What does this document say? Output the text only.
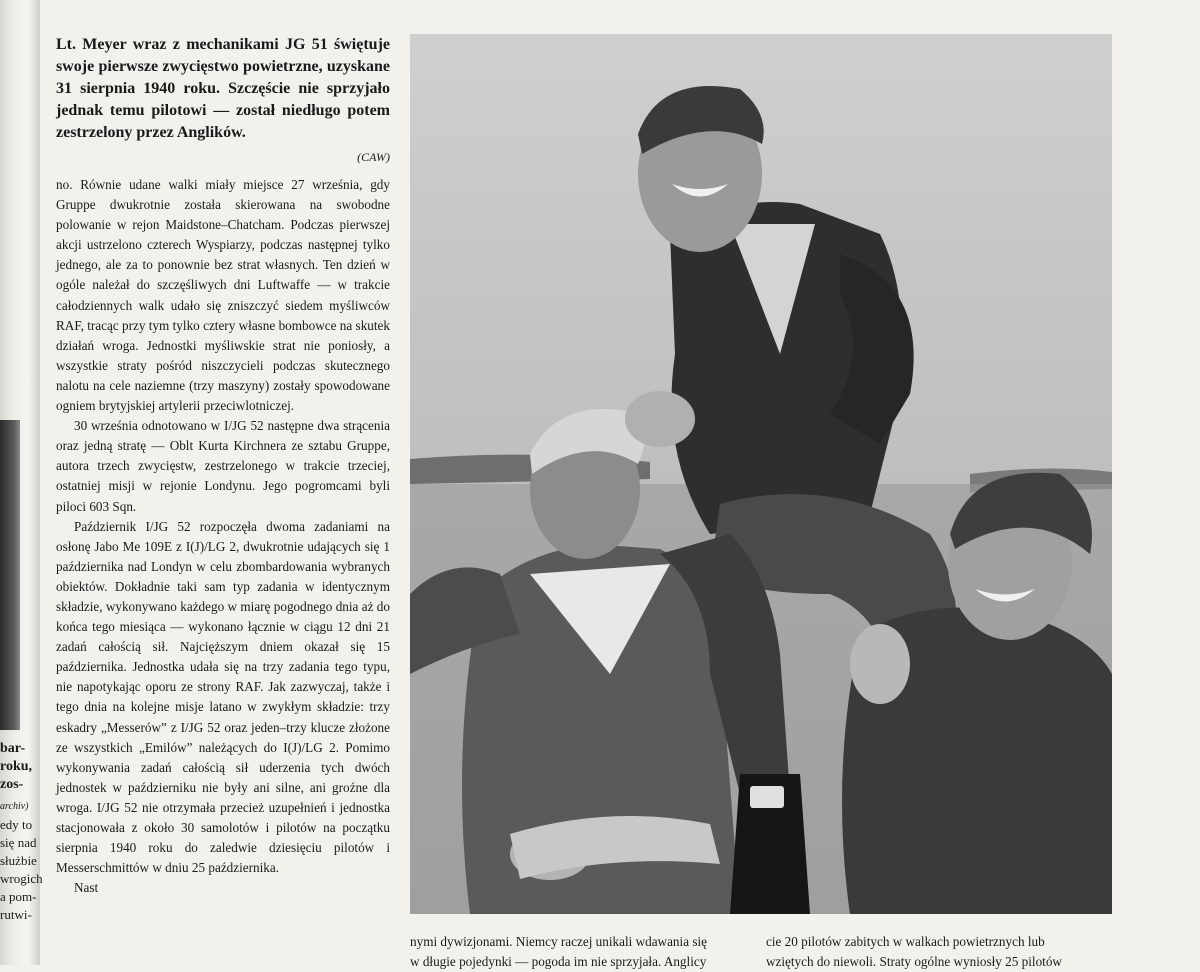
bar-
roku,
zos-
archiv)
edy to
się nad
służbie
wrogich
a pom-
rutwi-

Lt. Meyer wraz z mechanikami JG 51 świętuje swoje pierwsze zwycięstwo powietrzne, uzyskane 31 sierpnia 1940 roku. Szczęście nie sprzyjało jednak temu pilotowi — został niedługo potem zestrzelony przez Anglików.

(CAW)

no. Równie udane walki miały miejsce 27 września, gdy Gruppe dwukrotnie została skierowana na swobodne polowanie w rejon Maidstone–Chatcham. Podczas pierwszej akcji ustrzelono czterech Wyspiarzy, podczas następnej tylko jednego, ale za to ponownie bez strat własnych. Ten dzień w ogóle należał do szczęśliwych dni Luftwaffe — w trakcie całodziennych walk udało się zniszczyć siedem myśliwców RAF, tracąc przy tym tylko cztery własne bombowce na skutek działań wroga. Jednostki myśliwskie strat nie poniosły, a wszystkie straty pośród niszczycieli podczas skutecznego nalotu na cele naziemne (trzy maszyny) zostały spowodowane ogniem brytyjskiej artylerii przeciwlotniczej.

30 września odnotowano w I/JG 52 następne dwa strącenia oraz jedną stratę — Oblt Kurta Kirchnera ze sztabu Gruppe, autora trzech zwycięstw, zestrzelonego w trakcie trzeciej, ostatniej misji w rejonie Londynu. Jego pogromcami byli piloci 603 Sqn.

Październik I/JG 52 rozpoczęła dwoma zadaniami na osłonę Jabo Me 109E z I(J)/LG 2, dwukrotnie udających się 1 października nad Londyn w celu zbombardowania wybranych obiektów. Dokładnie taki sam typ zadania w identycznym składzie, wykonywano każdego w miarę pogodnego dnia aż do końca tego miesiąca — wykonano łącznie w ciągu 12 dni 21 zadań całością sił. Najcięższym dniem okazał się 15 października. Jednostka udała się na trzy zadania tego typu, nie napotykając oporu ze strony RAF. Jak zazwyczaj, także i tego dnia na kolejne misje latano w zwykłym składzie: trzy eskadry „Messerów” z I/JG 52 oraz jeden–trzy klucze złożone ze wszystkich „Emilów” należących do I(J)/LG 2. Pomimo wykonywania zadań całością sił uderzenia tych dwóch jednostek w październiku nie były ani silne, ani groźne dla wroga. I/JG 52 nie otrzymała przecież uzupełnień i jednostka stacjonowała z około 30 samolotów i pilotów na początku sierpnia 1940 roku do zaledwie dziesięciu pilotów i Messerschmittów w dniu 25 października.

Nast

nymi dywizjonami. Niemcy raczej unikali wdawania się
w długie pojedynki — pogoda im nie sprzyjała. Anglicy
cie 20 pilotów zabitych w walkach powietrznych lub
wziętych do niewoli. Straty ogólne wyniosły 25 pilotów
